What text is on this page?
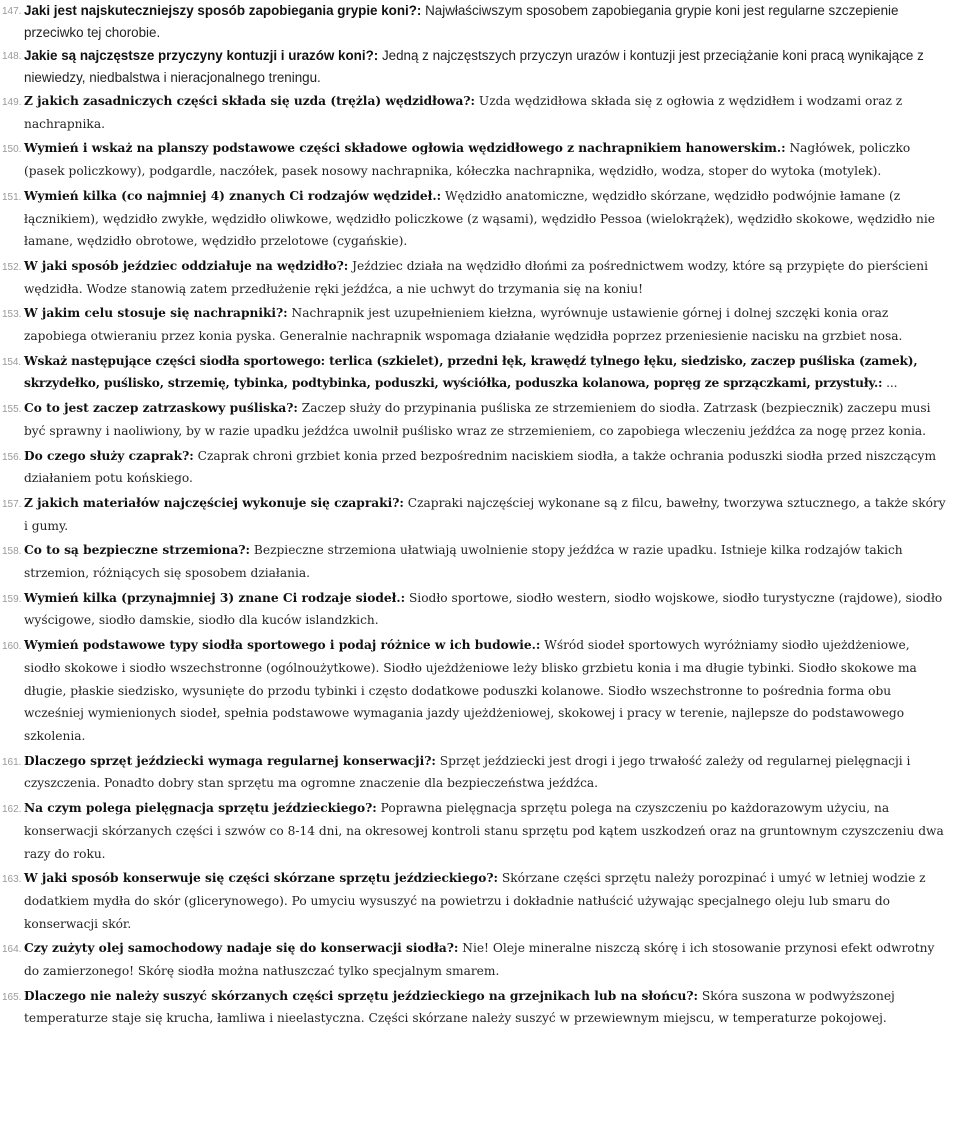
147. Jaki jest najskuteczniejszy sposób zapobiegania grypie koni?: Najwłaściwszym sposobem zapobiegania grypie koni jest regularne szczepienie przeciwko tej chorobie.
148. Jakie są najczęstsze przyczyny kontuzji i urazów koni?: Jedną z najczęstszych przyczyn urazów i kontuzji jest przeciążanie koni pracą wynikające z niewiedzy, niedbalstwa i nieracjonalnego treningu.
149. Z jakich zasadniczych części składa się uzda (trężla) wędzidłowa?: Uzda wędzidłowa składa się z ogłowia z wędzidłem i wodzami oraz z nachrapnika.
150. Wymień i wskaż na planszy podstawowe części składowe ogłowia wędzidłowego z nachrapnikiem hanowerskim.: Nagłówek, policzko (pasek policzkowy), podgardle, naczółek, pasek nosowy nachrapnika, kółeczka nachrapnika, wędzidło, wodza, stoper do wytoka (motylek).
151. Wymień kilka (co najmniej 4) znanych Ci rodzajów wędzideł.: Wędzidło anatomiczne, wędzidło skórzane, wędzidło podwójnie łamane (z łącznikiem), wędzidło zwykłe, wędzidło oliwkowe, wędzidło policzkowe (z wąsami), wędzidło Pessoa (wielokrążek), wędzidło skokowe, wędzidło nie łamane, wędzidło obrotowe, wędzidło przelotowe (cygańskie).
152. W jaki sposób jeździec oddziałuje na wędzidło?: Jeździec działa na wędzidło dłońmi za pośrednictwem wodzy, które są przypięte do pierścieni wędzidła. Wodze stanowią zatem przedłużenie ręki jeźdźca, a nie uchwyt do trzymania się na koniu!
153. W jakim celu stosuje się nachrapniki?: Nachrapnik jest uzupełnieniem kiełzna, wyrównuje ustawienie górnej i dolnej szczęki konia oraz zapobiega otwieraniu przez konia pyska. Generalnie nachrapnik wspomaga działanie wędzidła poprzez przeniesienie nacisku na grzbiet nosa.
154. Wskaż następujące części siodła sportowego: terlica (szkielet), przedni łęk, krawędź tylnego łęku, siedzisko, zaczep puśliska (zamek), skrzydełko, puślisko, strzemię, tybinka, podtybinka, poduszki, wyściółka, poduszka kolanowa, popręg ze sprzączkami, przystuły.: ...
155. Co to jest zaczep zatrzaskowy puśliska?: Zaczep służy do przypinania puśliska ze strzemieniem do siodła. Zatrzask (bezpiecznik) zaczepu musi być sprawny i naoliwiony, by w razie upadku jeźdźca uwolnił puślisko wraz ze strzemieniem, co zapobiega wleczeniu jeźdźca za nogę przez konia.
156. Do czego służy czaprak?: Czaprak chroni grzbiet konia przed bezpośrednim naciskiem siodła, a także ochrania poduszki siodła przed niszczącym działaniem potu końskiego.
157. Z jakich materiałów najczęściej wykonuje się czapraki?: Czapraki najczęściej wykonane są z filcu, bawełny, tworzywa sztucznego, a także skóry i gumy.
158. Co to są bezpieczne strzemiona?: Bezpieczne strzemiona ułatwiają uwolnienie stopy jeźdźca w razie upadku. Istnieje kilka rodzajów takich strzemion, różniących się sposobem działania.
159. Wymień kilka (przynajmniej 3) znane Ci rodzaje siodeł.: Siodło sportowe, siodło western, siodło wojskowe, siodło turystyczne (rajdowe), siodło wyścigowe, siodło damskie, siodło dla kuców islandzkich.
160. Wymień podstawowe typy siodła sportowego i podaj różnice w ich budowie.: Wśród siodeł sportowych wyróżniamy siodło ujeżdżeniowe, siodło skokowe i siodło wszechstronne (ogólnoużytkowe). Siodło ujeżdżeniowe leży blisko grzbietu konia i ma długie tybinki. Siodło skokowe ma długie, płaskie siedzisko, wysunięte do przodu tybinki i często dodatkowe poduszki kolanowe. Siodło wszechstronne to pośrednia forma obu wcześniej wymienionych siodeł, spełnia podstawowe wymagania jazdy ujeżdżeniowej, skokowej i pracy w terenie, najlepsze do podstawowego szkolenia.
161. Dlaczego sprzęt jeździecki wymaga regularnej konserwacji?: Sprzęt jeździecki jest drogi i jego trwałość zależy od regularnej pielęgnacji i czyszczenia. Ponadto dobry stan sprzętu ma ogromne znaczenie dla bezpieczeństwa jeźdźca.
162. Na czym polega pielęgnacja sprzętu jeździeckiego?: Poprawna pielęgnacja sprzętu polega na czyszczeniu po każdorazowym użyciu, na konserwacji skórzanych części i szwów co 8-14 dni, na okresowej kontroli stanu sprzętu pod kątem uszkodzeń oraz na gruntownym czyszczeniu dwa razy do roku.
163. W jaki sposób konserwuje się części skórzane sprzętu jeździeckiego?: Skórzane części sprzętu należy porozpinać i umyć w letniej wodzie z dodatkiem mydła do skór (glicerynowego). Po umyciu wysuszyć na powietrzu i dokładnie natłuścić używając specjalnego oleju lub smaru do konserwacji skór.
164. Czy zużyty olej samochodowy nadaje się do konserwacji siodła?: Nie! Oleje mineralne niszczą skórę i ich stosowanie przynosi efekt odwrotny do zamierzonego! Skórę siodła można natłuszczać tylko specjalnym smarem.
165. Dlaczego nie należy suszyć skórzanych części sprzętu jeździeckiego na grzejnikach lub na słońcu?: Skóra suszona w podwyższonej temperaturze staje się krucha, łamliwa i nieelastyczna. Części skórzane należy suszyć w przewiewnym miejscu, w temperaturze pokojowej.
